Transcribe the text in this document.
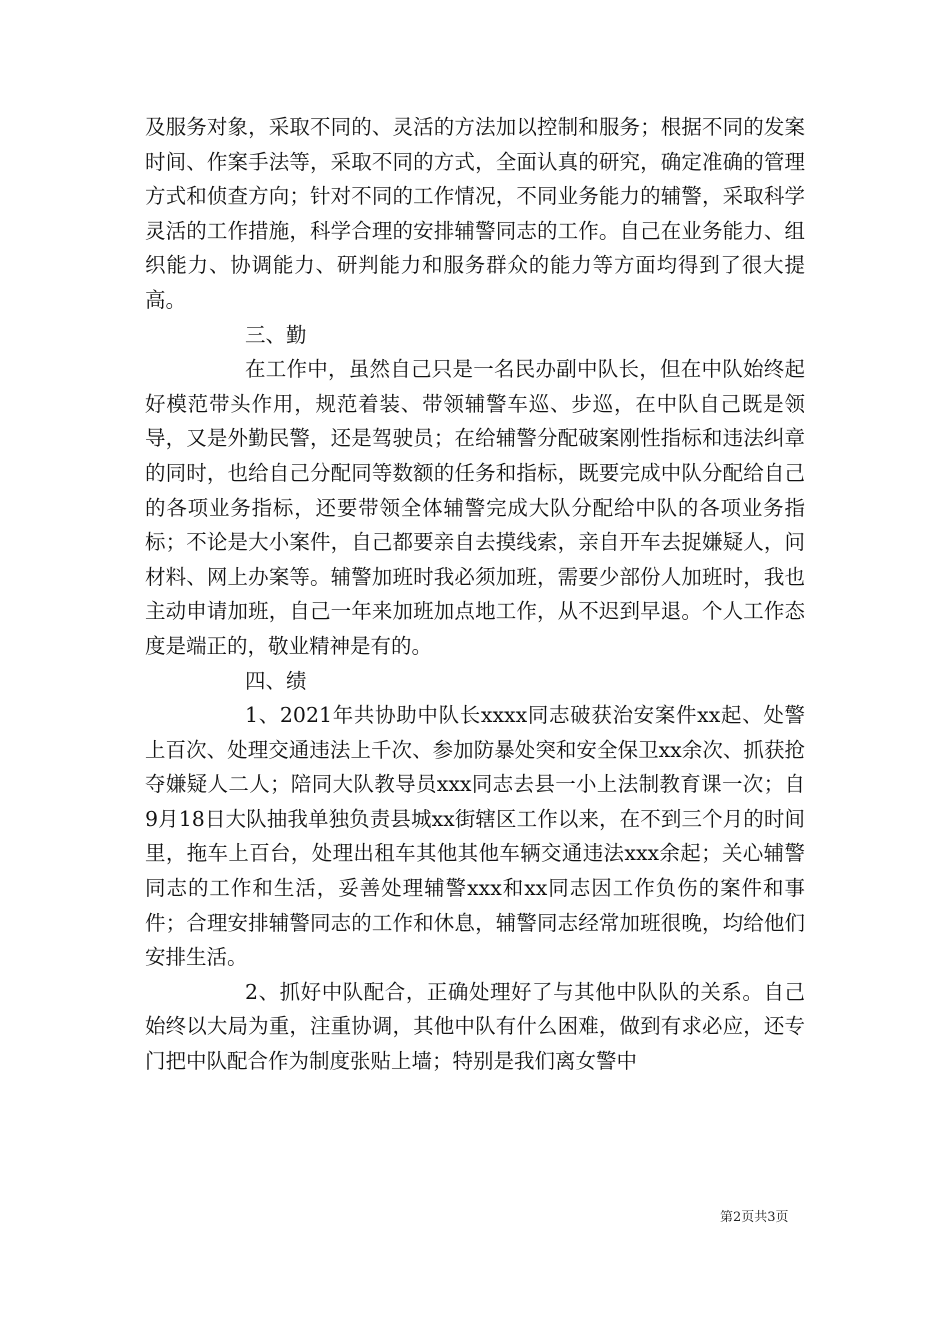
及服务对象，采取不同的、灵活的方法加以控制和服务；根据不同的发案时间、作案手法等，采取不同的方式，全面认真的研究，确定准确的管理方式和侦查方向；针对不同的工作情况，不同业务能力的辅警，采取科学灵活的工作措施，科学合理的安排辅警同志的工作。自己在业务能力、组织能力、协调能力、研判能力和服务群众的能力等方面均得到了很大提高。

三、勤

在工作中，虽然自己只是一名民办副中队长，但在中队始终起好模范带头作用，规范着装、带领辅警车巡、步巡，在中队自己既是领导，又是外勤民警，还是驾驶员；在给辅警分配破案刚性指标和违法纠章的同时，也给自己分配同等数额的任务和指标，既要完成中队分配给自己的各项业务指标，还要带领全体辅警完成大队分配给中队的各项业务指标；不论是大小案件，自己都要亲自去摸线索，亲自开车去捉嫌疑人，问材料、网上办案等。辅警加班时我必须加班，需要少部份人加班时，我也主动申请加班，自己一年来加班加点地工作，从不迟到早退。个人工作态度是端正的，敬业精神是有的。

四、绩

1、2021年共协助中队长xxxx同志破获治安案件xx起、处警上百次、处理交通违法上千次、参加防暴处突和安全保卫xx余次、抓获抢夺嫌疑人二人；陪同大队教导员xxx同志去县一小上法制教育课一次；自9月18日大队抽我单独负责县城xx街辖区工作以来，在不到三个月的时间里，拖车上百台，处理出租车其他其他车辆交通违法xxx余起；关心辅警同志的工作和生活，妥善处理辅警xxx和xx同志因工作负伤的案件和事件；合理安排辅警同志的工作和休息，辅警同志经常加班很晚，均给他们安排生活。

2、抓好中队配合，正确处理好了与其他中队队的关系。自己始终以大局为重，注重协调，其他中队有什么困难，做到有求必应，还专门把中队配合作为制度张贴上墙；特别是我们离女警中

第2页共3页
